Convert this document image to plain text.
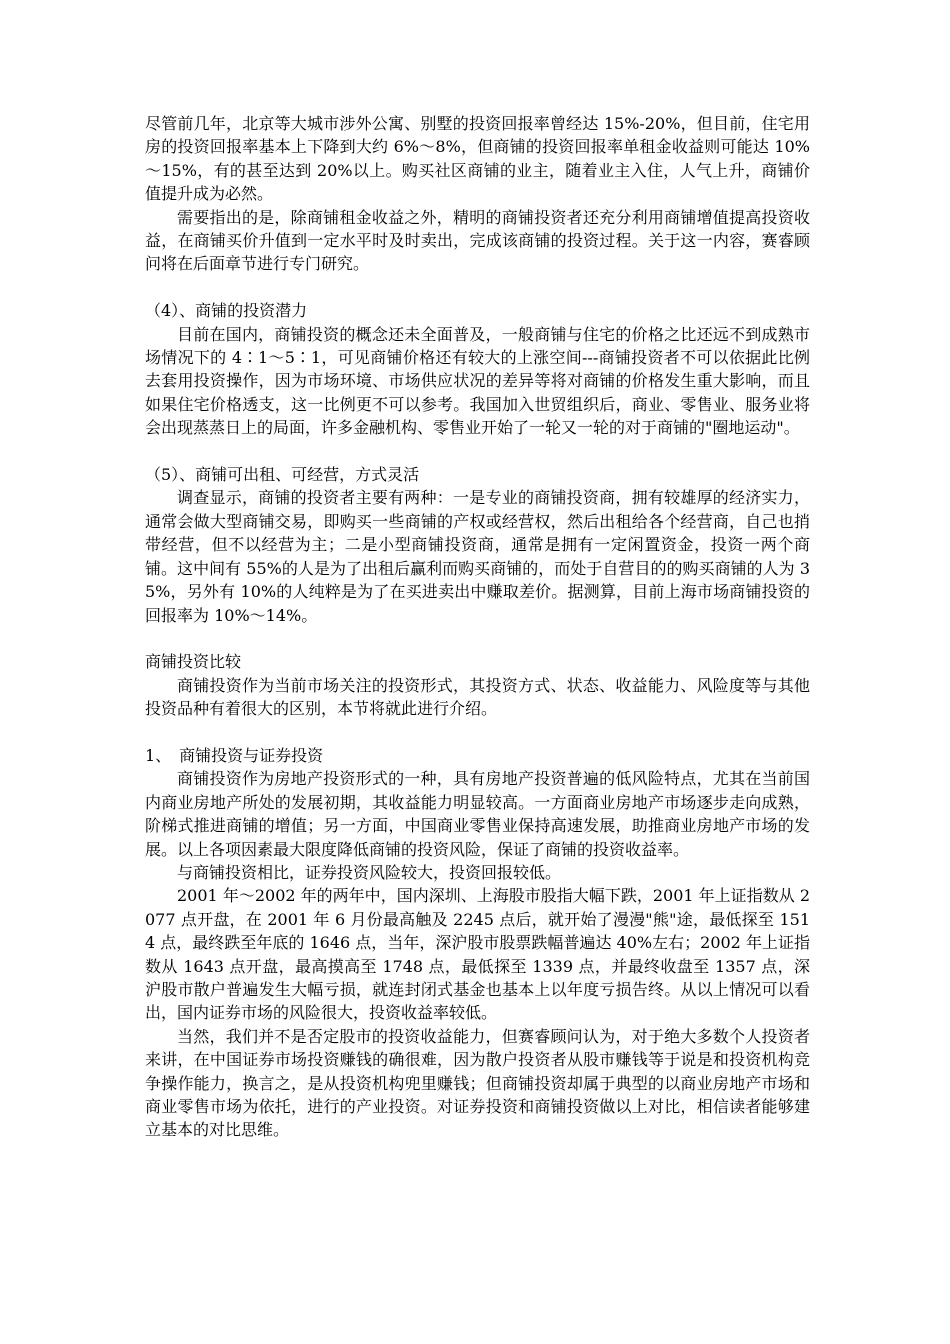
尽管前几年，北京等大城市涉外公寓、别墅的投资回报率曾经达 15%-20%，但目前，住宅用房的投资回报率基本上下降到大约 6%～8%，但商铺的投资回报率单租金收益则可能达 10%～15%，有的甚至达到 20%以上。购买社区商铺的业主，随着业主入住，人气上升，商铺价值提升成为必然。

需要指出的是，除商铺租金收益之外，精明的商铺投资者还充分利用商铺增值提高投资收益，在商铺买价升值到一定水平时及时卖出，完成该商铺的投资过程。关于这一内容，赛睿顾问将在后面章节进行专门研究。

（4）、商铺的投资潜力

目前在国内，商铺投资的概念还未全面普及，一般商铺与住宅的价格之比还远不到成熟市场情况下的 4∶1～5∶1，可见商铺价格还有较大的上涨空间---商铺投资者不可以依据此比例去套用投资操作，因为市场环境、市场供应状况的差异等将对商铺的价格发生重大影响，而且如果住宅价格透支，这一比例更不可以参考。我国加入世贸组织后，商业、零售业、服务业将会出现蒸蒸日上的局面，许多金融机构、零售业开始了一轮又一轮的对于商铺的"圈地运动"。

（5）、商铺可出租、可经营，方式灵活

调查显示，商铺的投资者主要有两种：一是专业的商铺投资商，拥有较雄厚的经济实力，通常会做大型商铺交易，即购买一些商铺的产权或经营权，然后出租给各个经营商，自己也捎带经营，但不以经营为主；二是小型商铺投资商，通常是拥有一定闲置资金，投资一两个商铺。这中间有 55%的人是为了出租后赢利而购买商铺的，而处于自营目的的购买商铺的人为 35%，另外有 10%的人纯粹是为了在买进卖出中赚取差价。据测算，目前上海市场商铺投资的回报率为 10%～14%。

商铺投资比较

商铺投资作为当前市场关注的投资形式，其投资方式、状态、收益能力、风险度等与其他投资品种有着很大的区别，本节将就此进行介绍。

1、　商铺投资与证券投资

商铺投资作为房地产投资形式的一种，具有房地产投资普遍的低风险特点，尤其在当前国内商业房地产所处的发展初期，其收益能力明显较高。一方面商业房地产市场逐步走向成熟，阶梯式推进商铺的增值；另一方面，中国商业零售业保持高速发展，助推商业房地产市场的发展。以上各项因素最大限度降低商铺的投资风险，保证了商铺的投资收益率。

与商铺投资相比，证券投资风险较大，投资回报较低。

2001 年～2002 年的两年中，国内深圳、上海股市股指大幅下跌，2001 年上证指数从 2077 点开盘，在 2001 年 6 月份最高触及 2245 点后，就开始了漫漫"熊"途，最低探至 1514 点，最终跌至年底的 1646 点，当年，深沪股市股票跌幅普遍达 40%左右；2002 年上证指数从 1643 点开盘，最高摸高至 1748 点，最低探至 1339 点，并最终收盘至 1357 点，深沪股市散户普遍发生大幅亏损，就连封闭式基金也基本上以年度亏损告终。从以上情况可以看出，国内证券市场的风险很大，投资收益率较低。

当然，我们并不是否定股市的投资收益能力，但赛睿顾问认为，对于绝大多数个人投资者来讲，在中国证券市场投资赚钱的确很难，因为散户投资者从股市赚钱等于说是和投资机构竞争操作能力，换言之，是从投资机构兜里赚钱；但商铺投资却属于典型的以商业房地产市场和商业零售市场为依托，进行的产业投资。对证券投资和商铺投资做以上对比，相信读者能够建立基本的对比思维。
